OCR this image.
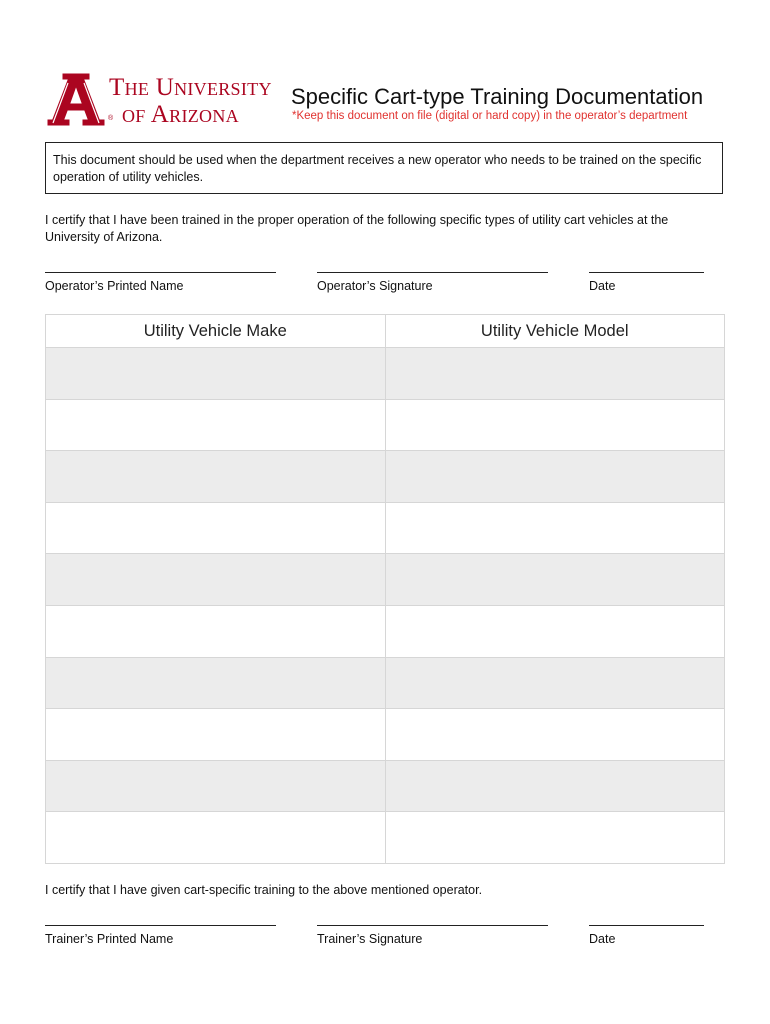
The University
® of Arizona
Specific Cart-type Training Documentation
*Keep this document on file (digital or hard copy) in the operator’s department
This document should be used when the department receives a new operator who needs to be trained on the specific operation of utility vehicles.
I certify that I have been trained in the proper operation of the following specific types of utility cart vehicles at the University of Arizona.
Operator’s Printed Name	Operator’s Signature	Date
Utility Vehicle Make	Utility Vehicle Model
I certify that I have given cart-specific training to the above mentioned operator.
Trainer’s Printed Name	Trainer’s Signature	Date
